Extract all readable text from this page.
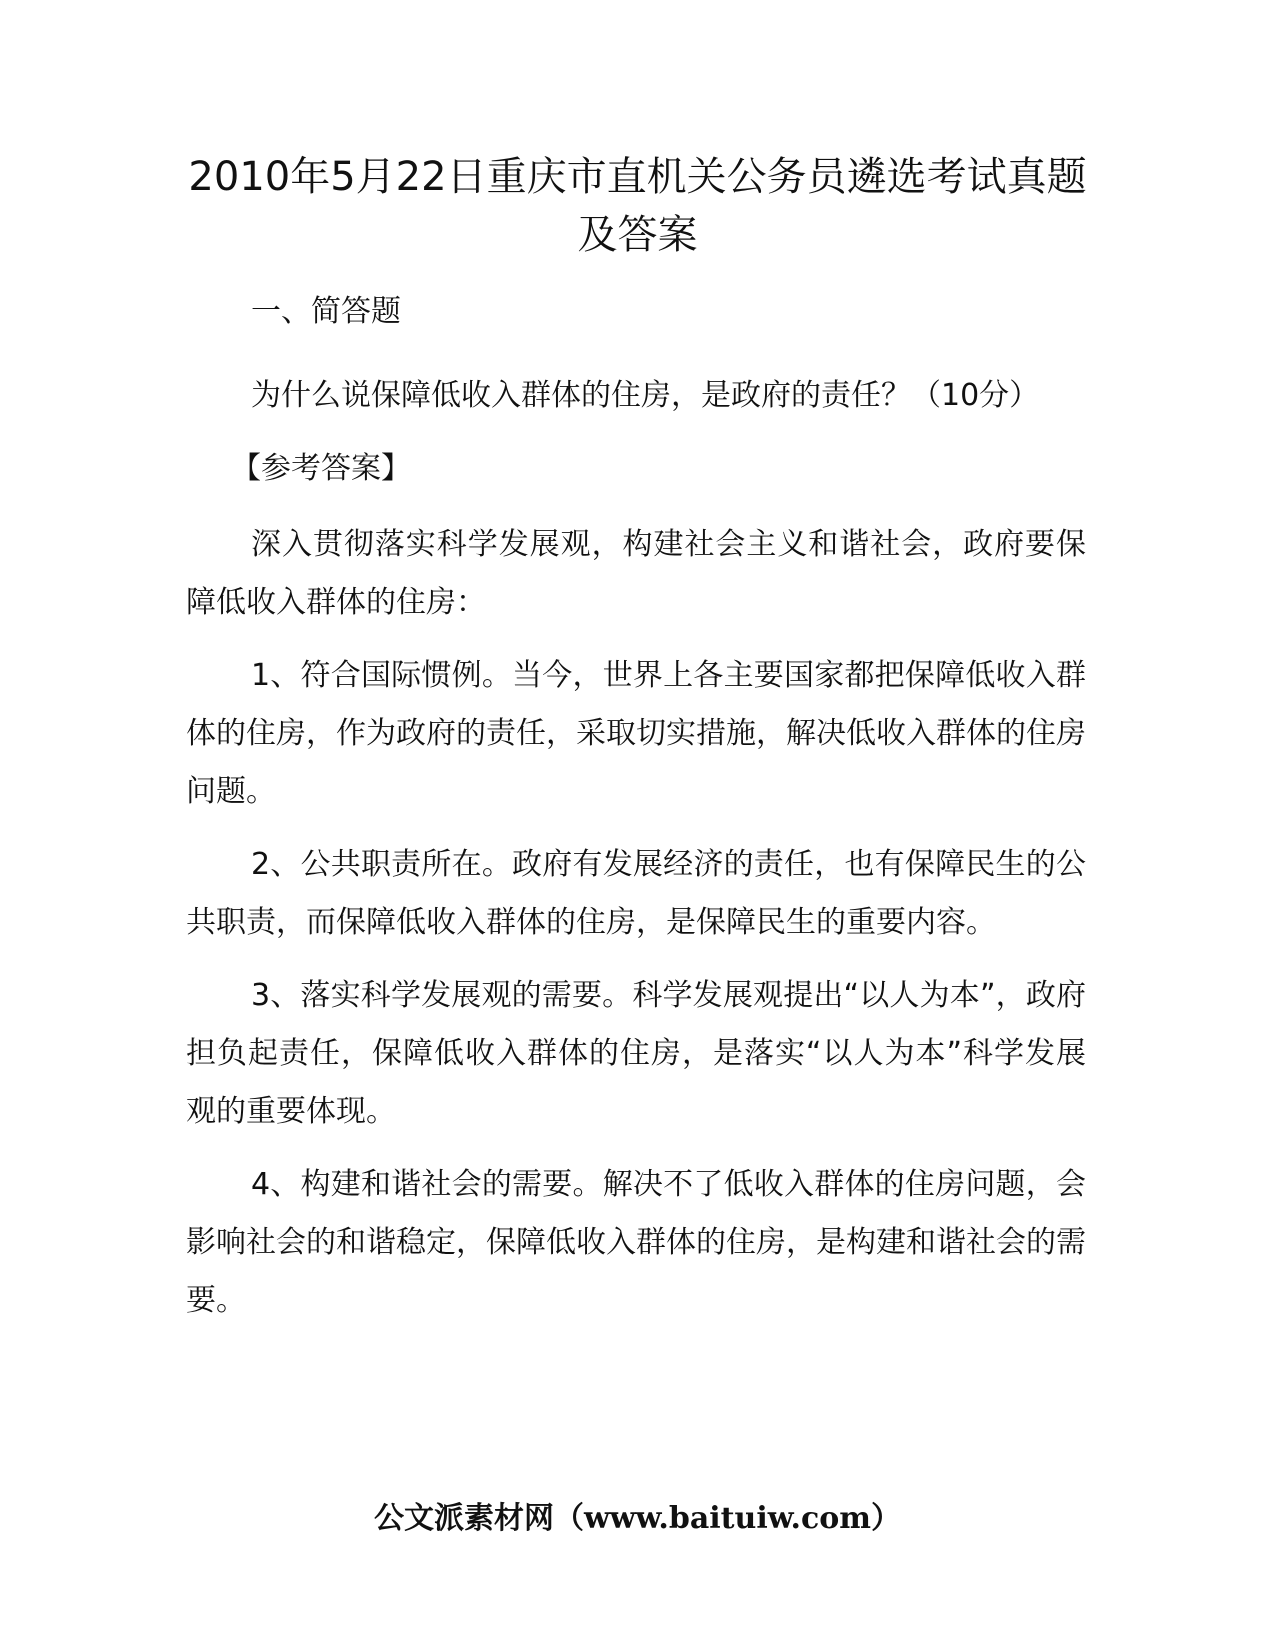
2010年5月22日重庆市直机关公务员遴选考试真题及答案

一、简答题

为什么说保障低收入群体的住房，是政府的责任？（10分）

【参考答案】

深入贯彻落实科学发展观，构建社会主义和谐社会，政府要保障低收入群体的住房：

1、符合国际惯例。当今，世界上各主要国家都把保障低收入群体的住房，作为政府的责任，采取切实措施，解决低收入群体的住房问题。

2、公共职责所在。政府有发展经济的责任，也有保障民生的公共职责，而保障低收入群体的住房，是保障民生的重要内容。

3、落实科学发展观的需要。科学发展观提出“以人为本”，政府担负起责任，保障低收入群体的住房，是落实“以人为本”科学发展观的重要体现。

4、构建和谐社会的需要。解决不了低收入群体的住房问题，会影响社会的和谐稳定，保障低收入群体的住房，是构建和谐社会的需要。

公文派素材网（www.baituiw.com）
